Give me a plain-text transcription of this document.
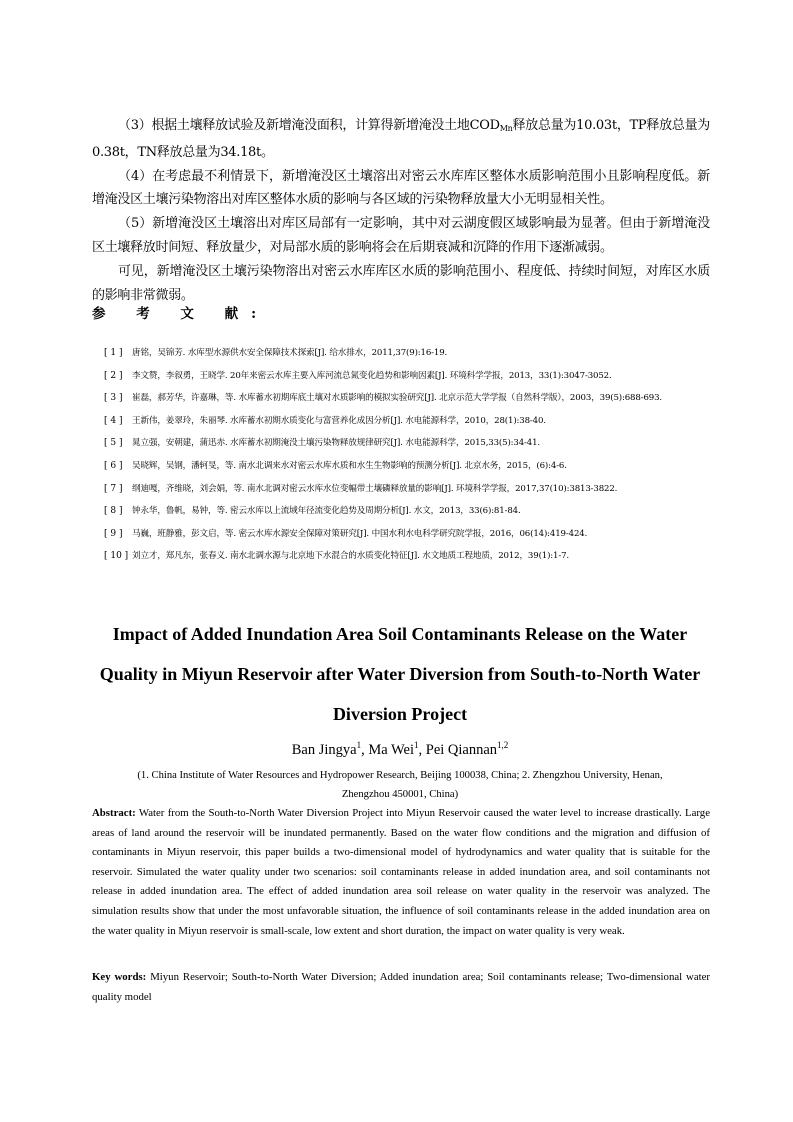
（3）根据土壤释放试验及新增淹没面积，计算得新增淹没土地$COD_{Mn}$释放总量为10.03t，TP释放总量为0.38t，TN释放总量为34.18t。

（4）在考虑最不利情景下，新增淹没区土壤溶出对密云水库库区整体水质影响范围小且影响程度低。新增淹没区土壤污染物溶出对库区整体水质的影响与各区域的污染物释放量大小无明显相关性。

（5）新增淹没区土壤溶出对库区局部有一定影响，其中对云湖度假区域影响最为显著。但由于新增淹没区土壤释放时间短、释放量少，对局部水质的影响将会在后期衰减和沉降的作用下逐渐减弱。

可见，新增淹没区土壤污染物溶出对密云水库库区水质的影响范围小、程度低、持续时间短，对库区水质的影响非常微弱。

参 考 文 献:
[ 1 ]	唐铭，吴锦芳. 水库型水源供水安全保障技术探索[J]. 给水排水，2011,37(9):16-19.
[ 2 ]	李文赞，李叙勇，王晓学. 20年来密云水库主要入库河流总氮变化趋势和影响因素[J]. 环境科学学报，2013，33(1):3047-3052.
[ 3 ]	崔磊，郝芳华，许嘉琳，等. 水库蓄水初期库底土壤对水质影响的模拟实验研究[J]. 北京示范大学学报（自然科学版），2003，39(5):688-693.
[ 4 ]	王新伟，姜翠玲，朱丽琴. 水库蓄水初期水质变化与富营养化成因分析[J]. 水电能源科学，2010，28(1):38-40.
[ 5 ]	晁立强，安朝建，蒲迅赤. 水库蓄水初期淹没土壤污染物释放规律研究[J]. 水电能源科学，2015,33(5):34-41.
[ 6 ]	吴晓辉，吴钢，潘轲旻，等. 南水北调来水对密云水库水质和水生生物影响的预测分析[J]. 北京水务，2015，(6):4-6.
[ 7 ]	纲迪嘎，齐维晓，刘会娟，等. 南水北调对密云水库水位变幅带土壤磷释放量的影响[J]. 环境科学学报，2017,37(10):3813-3822.
[ 8 ]	钟永华，鲁帆，易钟，等. 密云水库以上流域年径流变化趋势及周期分析[J]. 水文，2013，33(6):81-84.
[ 9 ]	马巍，班静雅，彭文启，等. 密云水库水源安全保障对策研究[J]. 中国水利水电科学研究院学报，2016，06(14):419-424.
[ 10 ] 刘立才，郑凡东，张春义. 南水北调水源与北京地下水混合的水质变化特征[J]. 水文地质工程地质，2012，39(1):1-7.
Impact of Added Inundation Area Soil Contaminants Release on the Water Quality in Miyun Reservoir after Water Diversion from South-to-North Water Diversion Project

Ban Jingya$^1$, Ma Wei$^1$, Pei Qiannan$^{1,2}$

(1. China Institute of Water Resources and Hydropower Research, Beijing 100038, China; 2. Zhengzhou University, Henan, Zhengzhou 450001, China)

Abstract: Water from the South-to-North Water Diversion Project into Miyun Reservoir caused the water level to increase drastically. Large areas of land around the reservoir will be inundated permanently. Based on the water flow conditions and the migration and diffusion of contaminants in Miyun reservoir, this paper builds a two-dimensional model of hydrodynamics and water quality that is suitable for the reservoir. Simulated the water quality under two scenarios: soil contaminants release in added inundation area, and soil contaminants not release in added inundation area. The effect of added inundation area soil release on water quality in the reservoir was analyzed. The simulation results show that under the most unfavorable situation, the influence of soil contaminants release in the added inundation area on the water quality in Miyun reservoir is small-scale, low extent and short duration, the impact on water quality is very weak.

Key words: Miyun Reservoir; South-to-North Water Diversion; Added inundation area; Soil contaminants release; Two-dimensional water quality model
